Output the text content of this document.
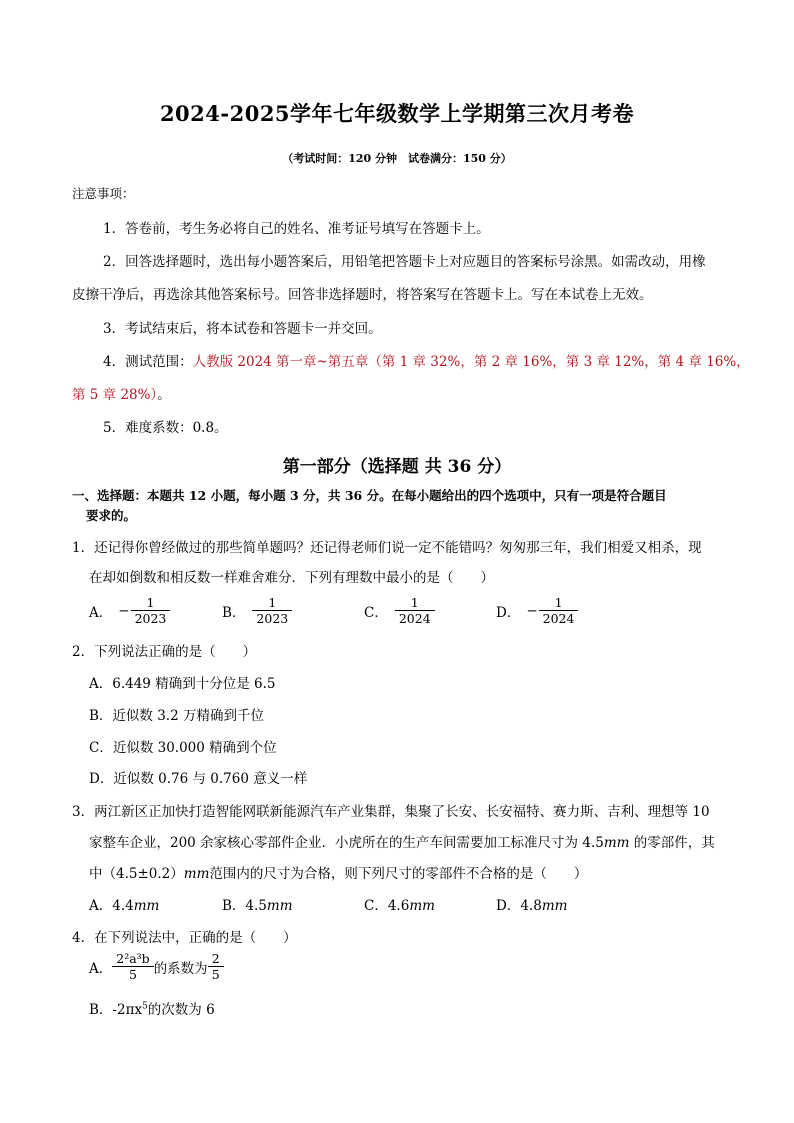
2024-2025学年七年级数学上学期第三次月考卷
（考试时间：120 分钟　试卷满分：150 分）
注意事项：
1．答卷前，考生务必将自己的姓名、准考证号填写在答题卡上。
2．回答选择题时，选出每小题答案后，用铅笔把答题卡上对应题目的答案标号涂黑。如需改动，用橡
皮擦干净后，再选涂其他答案标号。回答非选择题时，将答案写在答题卡上。写在本试卷上无效。
3．考试结束后，将本试卷和答题卡一并交回。
4．测试范围：人教版 2024 第一章~第五章（第 1 章 32%，第 2 章 16%，第 3 章 12%，第 4 章 16%，
第 5 章 28%）。
5．难度系数：0.8。
第一部分（选择题 共 36 分）
一、选择题：本题共 12 小题，每小题 3 分，共 36 分。在每小题给出的四个选项中，只有一项是符合题目
要求的。
1．还记得你曾经做过的那些简单题吗？还记得老师们说一定不能错吗？匆匆那三年，我们相爱又相杀，现
在却如倒数和相反数一样难舍难分．下列有理数中最小的是（　　）
A． − $\frac{1}{2023}$	B． $\frac{1}{2023}$	C． $\frac{1}{2024}$	D． − $\frac{1}{2024}$
2．下列说法正确的是（　　）
A．6.449 精确到十分位是 6.5
B．近似数 3.2 万精确到千位
C．近似数 30.000 精确到个位
D．近似数 0.76 与 0.760 意义一样
3．两江新区正加快打造智能网联新能源汽车产业集群，集聚了长安、长安福特、赛力斯、吉利、理想等 10
家整车企业，200 余家核心零部件企业．小虎所在的生产车间需要加工标准尺寸为 4.5mm 的零部件，其
中（4.5±0.2）mm范围内的尺寸为合格，则下列尺寸的零部件不合格的是（　　）
A．4.4mm	B．4.5mm	C．4.6mm	D．4.8mm
4．在下列说法中，正确的是（　　）
A． $\frac{\text{2²a³b}}{5}$ 的系数为 $\frac{2}{5}$
B．$-2\pi x^5$的次数为 6
